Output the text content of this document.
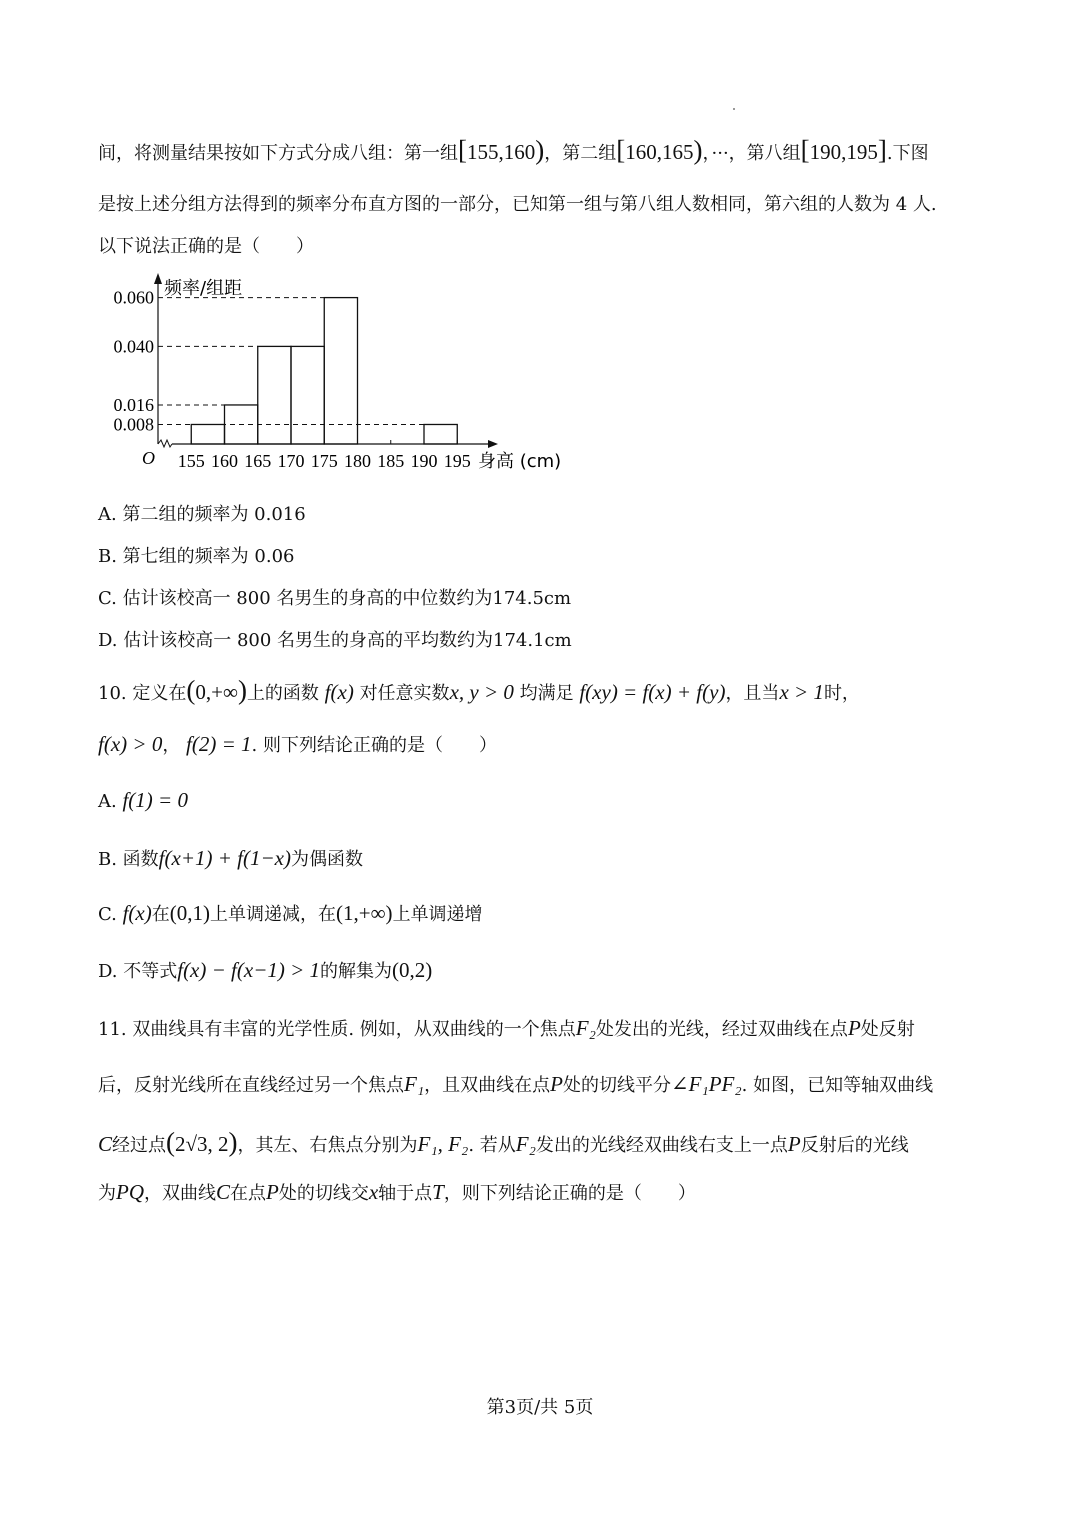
间，将测量结果按如下方式分成八组：第一组[155,160)，第二组[160,165)，···，第八组[190,195].下图
是按上述分组方法得到的频率分布直方图的一部分，已知第一组与第八组人数相同，第六组的人数为 4 人.
以下说法正确的是（　　）
频率/组距
身高 (cm)
O
0.060
0.040
0.016
0.008
155 160 165 170 175 180 185 190 195
A. 第二组的频率为 0.016
B. 第七组的频率为 0.06
C. 估计该校高一 800 名男生的身高的中位数约为174.5cm
D. 估计该校高一 800 名男生的身高的平均数约为174.1cm
10. 定义在(0,+∞)上的函数 f(x) 对任意实数x, y > 0 均满足 f(xy) = f(x) + f(y)，且当x > 1时，
f(x) > 0， f(2) = 1. 则下列结论正确的是（　　）
A. f(1) = 0
B. 函数f(x+1) + f(1−x)为偶函数
C. f(x)在(0,1)上单调递减，在(1,+∞)上单调递增
D. 不等式f(x) − f(x−1) > 1的解集为(0,2)
11. 双曲线具有丰富的光学性质. 例如，从双曲线的一个焦点F₂处发出的光线，经过双曲线在点P处反射
后，反射光线所在直线经过另一个焦点F₁，且双曲线在点P处的切线平分∠F₁PF₂. 如图，已知等轴双曲线
C经过点(2√3, 2)，其左、右焦点分别为F₁, F₂. 若从F₂发出的光线经双曲线右支上一点P反射后的光线
为PQ，双曲线C在点P处的切线交x轴于点T，则下列结论正确的是（　　）
第3页/共 5页
